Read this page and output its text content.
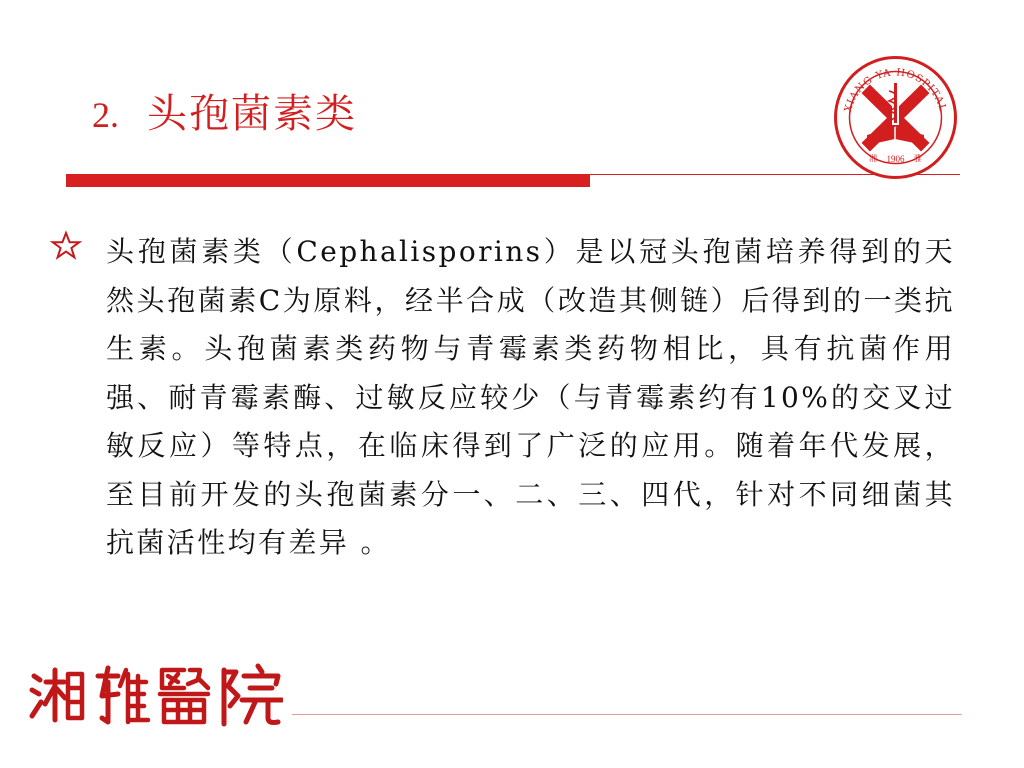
2. 头孢菌素类	XIANG YA HOSPITAL
1906
湘	雅

头孢菌素类（Cephalisporins）是以冠头孢菌培养得到的天然头孢菌素C为原料，经半合成（改造其侧链）后得到的一类抗生素。头孢菌素类药物与青霉素类药物相比，具有抗菌作用强、耐青霉素酶、过敏反应较少（与青霉素约有10%的交叉过敏反应）等特点，在临床得到了广泛的应用。随着年代发展，至目前开发的头孢菌素分一、二、三、四代，针对不同细菌其抗菌活性均有差异 。
